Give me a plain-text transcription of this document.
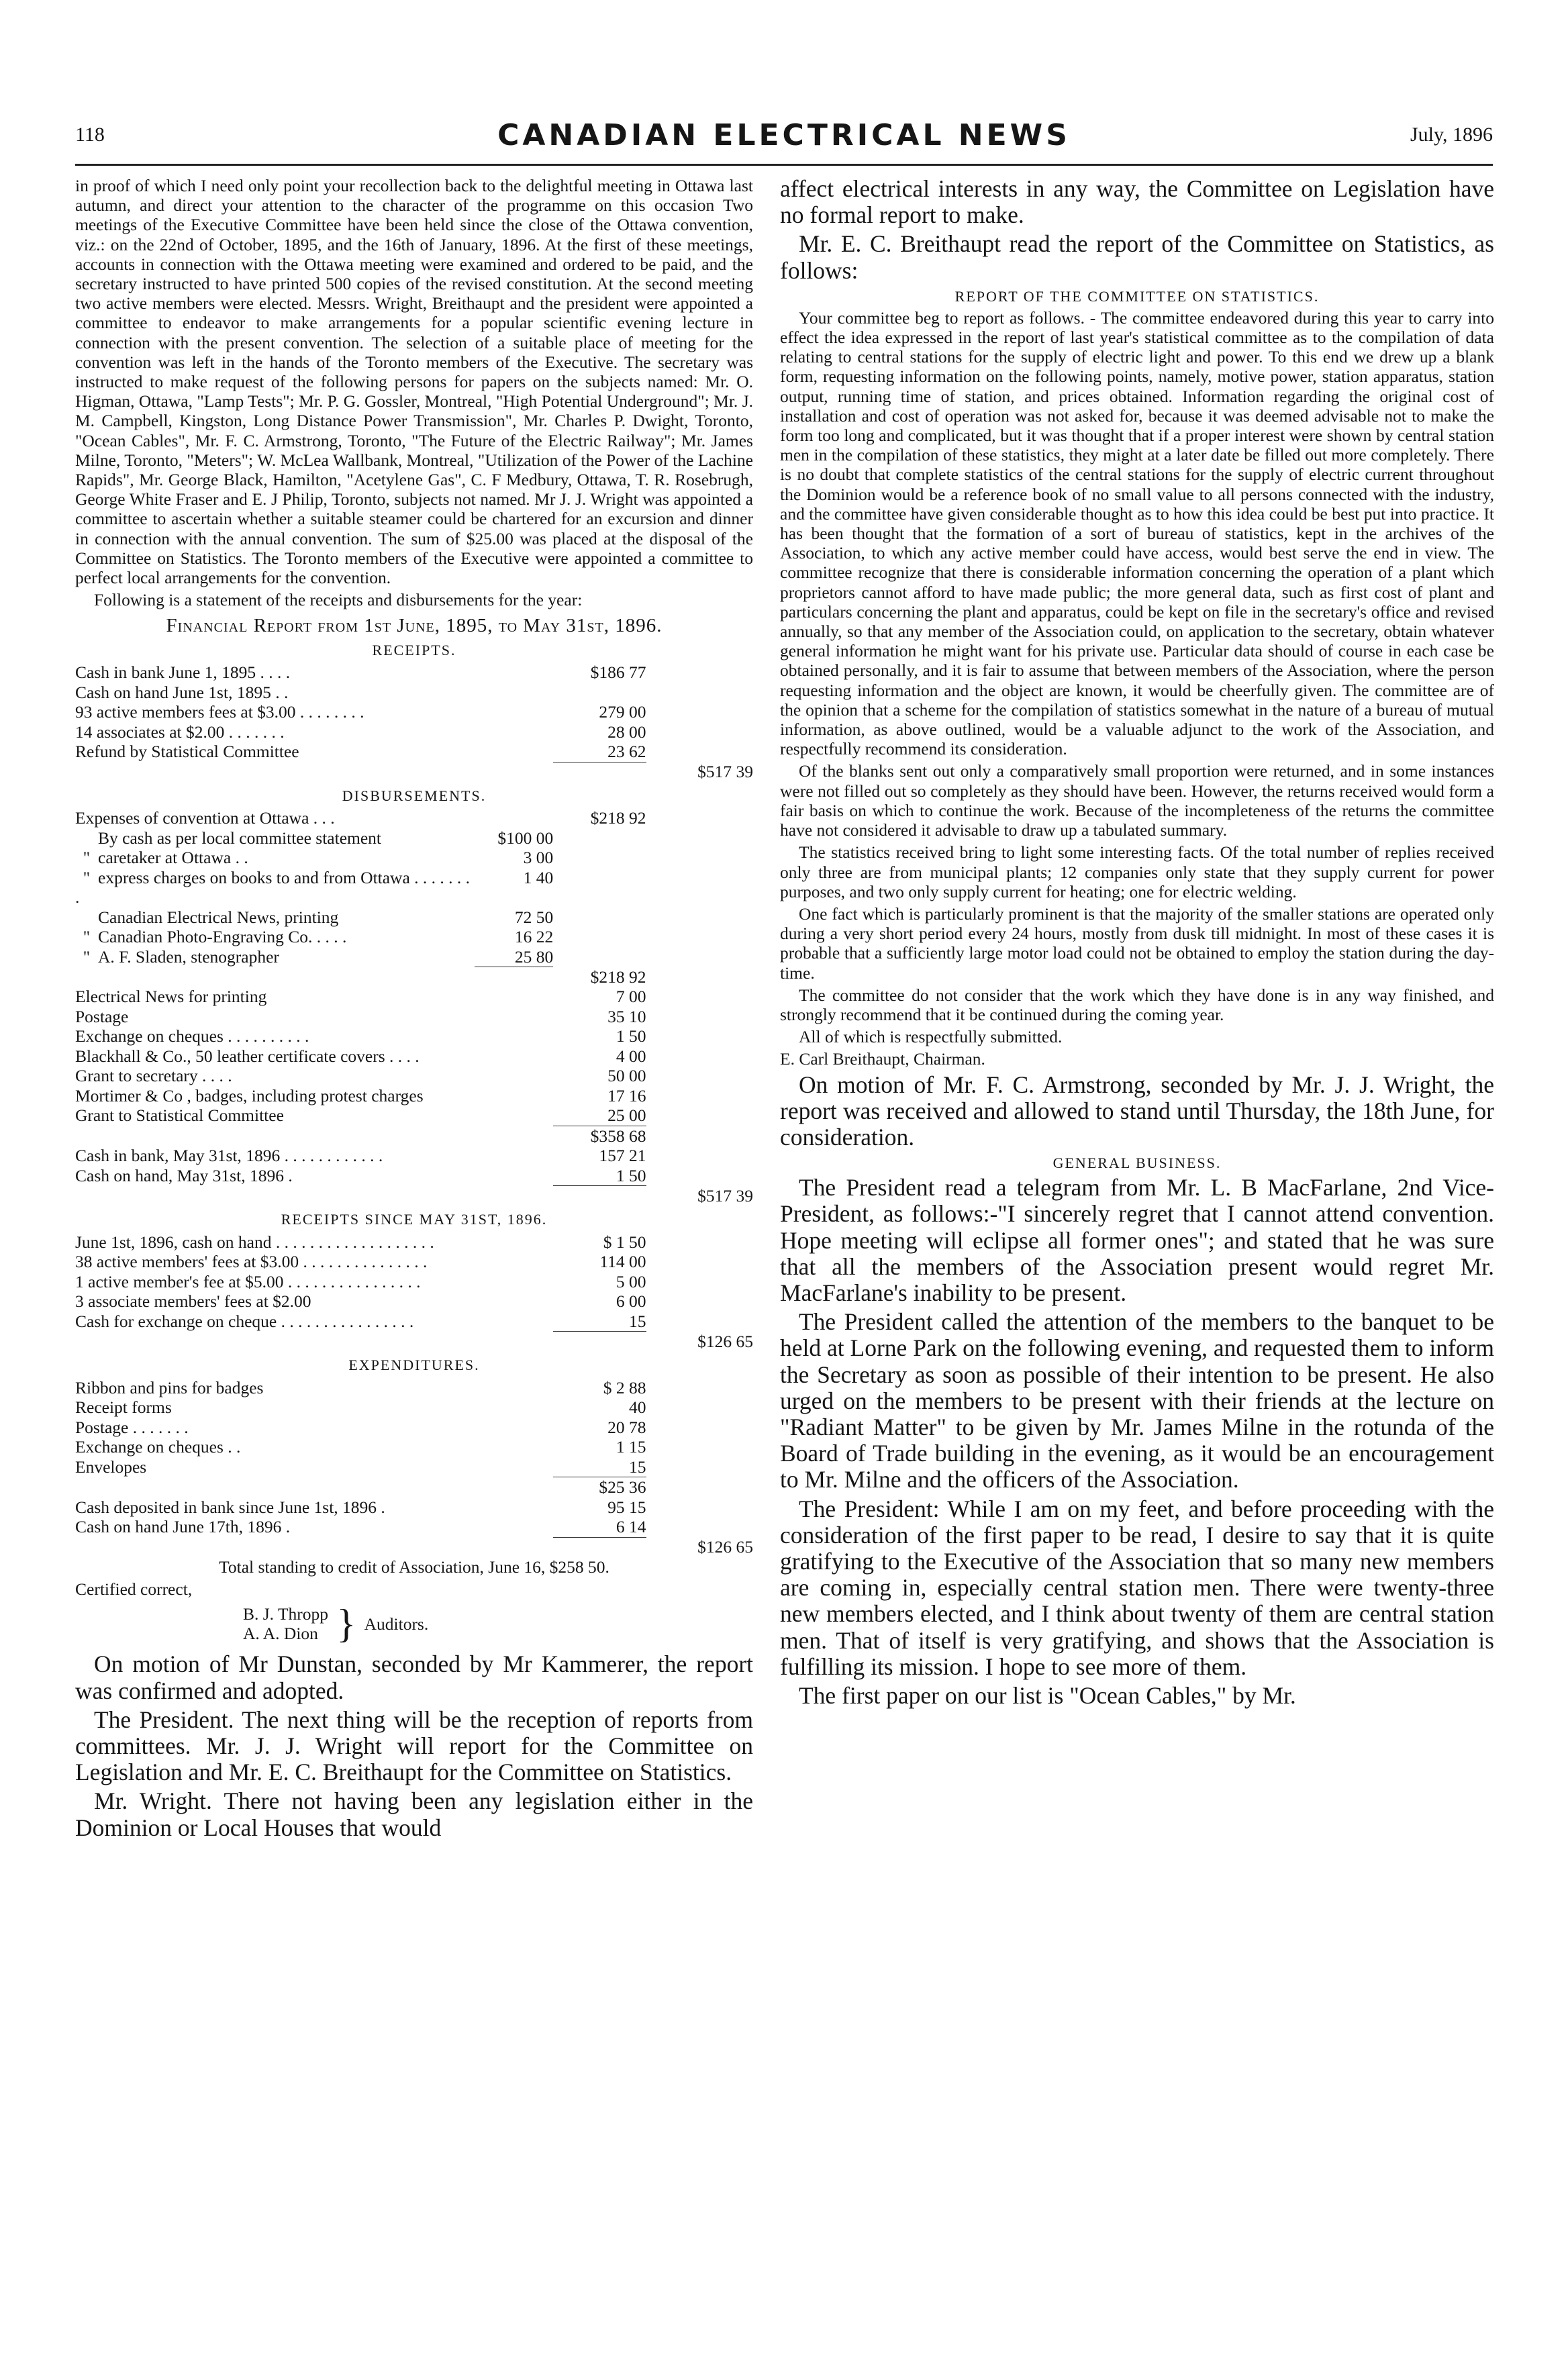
118	CANADIAN ELECTRICAL NEWS	July, 1896

in proof of which I need only point your recollection back to the delightful meeting in Ottawa last autumn, and direct your attention to the character of the programme on this occasion Two meetings of the Executive Committee have been held since the close of the Ottawa convention, viz.: on the 22nd of October, 1895, and the 16th of January, 1896. At the first of these meetings, accounts in connection with the Ottawa meeting were examined and ordered to be paid, and the secretary instructed to have printed 500 copies of the revised constitution. At the second meeting two active members were elected. Messrs. Wright, Breithaupt and the president were appointed a committee to endeavor to make arrangements for a popular scientific evening lecture in connection with the present convention. The selection of a suitable place of meeting for the convention was left in the hands of the Toronto members of the Executive. The secretary was instructed to make request of the following persons for papers on the subjects named: Mr. O. Higman, Ottawa, "Lamp Tests"; Mr. P. G. Gossler, Montreal, "High Potential Underground"; Mr. J. M. Campbell, Kingston, Long Distance Power Transmission", Mr. Charles P. Dwight, Toronto, "Ocean Cables", Mr. F. C. Armstrong, Toronto, "The Future of the Electric Railway"; Mr. James Milne, Toronto, "Meters"; W. McLea Wallbank, Montreal, "Utilization of the Power of the Lachine Rapids", Mr. George Black, Hamilton, "Acetylene Gas", C. F Medbury, Ottawa, T. R. Rosebrugh, George White Fraser and E. J Philip, Toronto, subjects not named. Mr J. J. Wright was appointed a committee to ascertain whether a suitable steamer could be chartered for an excursion and dinner in connection with the annual convention. The sum of $25.00 was placed at the disposal of the Committee on Statistics. The Toronto members of the Executive were appointed a committee to perfect local arrangements for the convention.

Following is a statement of the receipts and disbursements for the year:

Financial Report from 1st June, 1895, to May 31st, 1896.
RECEIPTS.
Cash in bank June 1, 1895 . . . .		$186 77	
Cash on hand June 1st, 1895 . .			
93 active members fees at $3.00 . . . . . . . .		279 00	
14 associates at $2.00 . . . . . . .		28 00	
Refund by Statistical Committee		23 62	
			$517 39
DISBURSEMENTS.
Expenses of convention at Ottawa . . .		$218 92	
By cash as per local committee statement	$100 00		
" caretaker at Ottawa . .	3 00		
" express charges on books to and from Ottawa . . . . . . . .	1 40		
Canadian Electrical News, printing	72 50		
" Canadian Photo-Engraving Co. . . . .	16 22		
" A. F. Sladen, stenographer	25 80		
		$218 92	
Electrical News for printing		7 00	
Postage		35 10	
Exchange on cheques . . . . . . . . . .		1 50	
Blackhall & Co., 50 leather certificate covers . . . .		4 00	
Grant to secretary . . . .		50 00	
Mortimer & Co , badges, including protest charges		17 16	
Grant to Statistical Committee		25 00	
		$358 68	
Cash in bank, May 31st, 1896 . . . . . . . . . . . .		157 21	
Cash on hand, May 31st, 1896 .		1 50	
			$517 39
RECEIPTS SINCE MAY 31ST, 1896.
June 1st, 1896, cash on hand . . . . . . . . . . . . . . . . . . .		$ 1 50	
38 active members' fees at $3.00 . . . . . . . . . . . . . . .		114 00	
1 active member's fee at $5.00 . . . . . . . . . . . . . . . .		5 00	
3 associate members' fees at $2.00		6 00	
Cash for exchange on cheque . . . . . . . . . . . . . . . .		15	
			$126 65
EXPENDITURES.
Ribbon and pins for badges		$ 2 88	
Receipt forms		40	
Postage . . . . . . .		20 78	
Exchange on cheques . .		1 15	
Envelopes		15	
		$25 36	
Cash deposited in bank since June 1st, 1896 .		95 15	
Cash on hand June 17th, 1896 .		6 14	
			$126 65

Total standing to credit of Association, June 16, $258 50.

Certified correct,

B. J. Thropp
A. A. Dion } Auditors.

On motion of Mr Dunstan, seconded by Mr Kammerer, the report was confirmed and adopted.

The President. The next thing will be the reception of reports from committees. Mr. J. J. Wright will report for the Committee on Legislation and Mr. E. C. Breithaupt for the Committee on Statistics.

Mr. Wright. There not having been any legislation either in the Dominion or Local Houses that would

affect electrical interests in any way, the Committee on Legislation have no formal report to make.

Mr. E. C. Breithaupt read the report of the Committee on Statistics, as follows:

REPORT OF THE COMMITTEE ON STATISTICS.

Your committee beg to report as follows. - The committee endeavored during this year to carry into effect the idea expressed in the report of last year's statistical committee as to the compilation of data relating to central stations for the supply of electric light and power. To this end we drew up a blank form, requesting information on the following points, namely, motive power, station apparatus, station output, running time of station, and prices obtained. Information regarding the original cost of installation and cost of operation was not asked for, because it was deemed advisable not to make the form too long and complicated, but it was thought that if a proper interest were shown by central station men in the compilation of these statistics, they might at a later date be filled out more completely. There is no doubt that complete statistics of the central stations for the supply of electric current throughout the Dominion would be a reference book of no small value to all persons connected with the industry, and the committee have given considerable thought as to how this idea could be best put into practice. It has been thought that the formation of a sort of bureau of statistics, kept in the archives of the Association, to which any active member could have access, would best serve the end in view. The committee recognize that there is considerable information concerning the operation of a plant which proprietors cannot afford to have made public; the more general data, such as first cost of plant and particulars concerning the plant and apparatus, could be kept on file in the secretary's office and revised annually, so that any member of the Association could, on application to the secretary, obtain whatever general information he might want for his private use. Particular data should of course in each case be obtained personally, and it is fair to assume that between members of the Association, where the person requesting information and the object are known, it would be cheerfully given. The committee are of the opinion that a scheme for the compilation of statistics somewhat in the nature of a bureau of mutual information, as above outlined, would be a valuable adjunct to the work of the Association, and respectfully recommend its consideration.

Of the blanks sent out only a comparatively small proportion were returned, and in some instances were not filled out so completely as they should have been. However, the returns received would form a fair basis on which to continue the work. Because of the incompleteness of the returns the committee have not considered it advisable to draw up a tabulated summary.

The statistics received bring to light some interesting facts. Of the total number of replies received only three are from municipal plants; 12 companies only state that they supply current for power purposes, and two only supply current for heating; one for electric welding.

One fact which is particularly prominent is that the majority of the smaller stations are operated only during a very short period every 24 hours, mostly from dusk till midnight. In most of these cases it is probable that a sufficiently large motor load could not be obtained to employ the station during the day-time.

The committee do not consider that the work which they have done is in any way finished, and strongly recommend that it be continued during the coming year.

All of which is respectfully submitted.

E. Carl Breithaupt, Chairman.

On motion of Mr. F. C. Armstrong, seconded by Mr. J. J. Wright, the report was received and allowed to stand until Thursday, the 18th June, for consideration.

GENERAL BUSINESS.

The President read a telegram from Mr. L. B MacFarlane, 2nd Vice-President, as follows:-"I sincerely regret that I cannot attend convention. Hope meeting will eclipse all former ones"; and stated that he was sure that all the members of the Association present would regret Mr. MacFarlane's inability to be present.

The President called the attention of the members to the banquet to be held at Lorne Park on the following evening, and requested them to inform the Secretary as soon as possible of their intention to be present. He also urged on the members to be present with their friends at the lecture on "Radiant Matter" to be given by Mr. James Milne in the rotunda of the Board of Trade building in the evening, as it would be an encouragement to Mr. Milne and the officers of the Association.

The President: While I am on my feet, and before proceeding with the consideration of the first paper to be read, I desire to say that it is quite gratifying to the Executive of the Association that so many new members are coming in, especially central station men. There were twenty-three new members elected, and I think about twenty of them are central station men. That of itself is very gratifying, and shows that the Association is fulfilling its mission. I hope to see more of them.

The first paper on our list is "Ocean Cables," by Mr.
